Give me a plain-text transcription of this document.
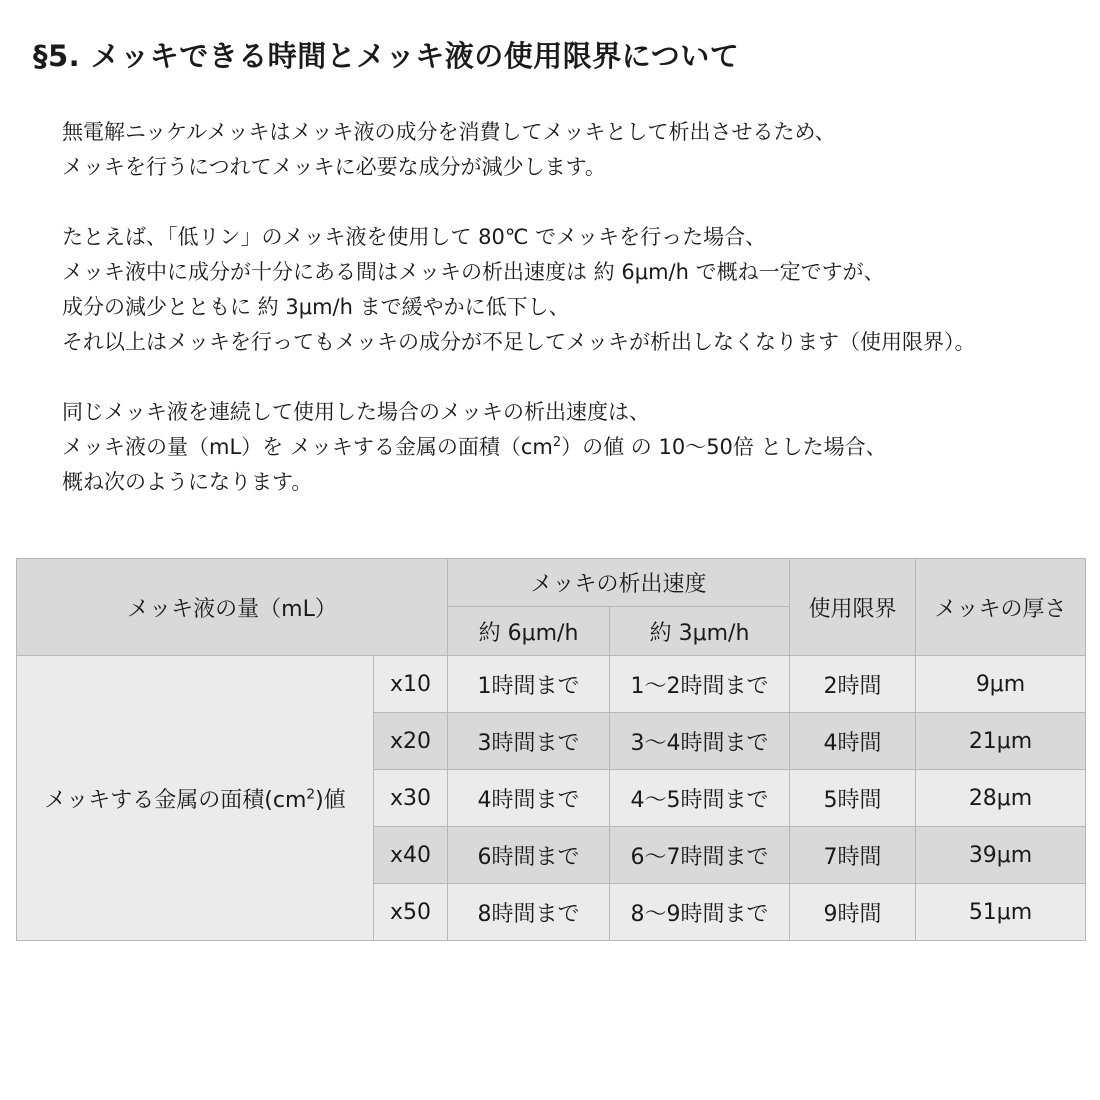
§5. メッキできる時間とメッキ液の使用限界について

無電解ニッケルメッキはメッキ液の成分を消費してメッキとして析出させるため、
メッキを行うにつれてメッキに必要な成分が減少します。

たとえば、「低リン」のメッキ液を使用して 80℃ でメッキを行った場合、
メッキ液中に成分が十分にある間はメッキの析出速度は 約 6μm/h で概ね一定ですが、
成分の減少とともに 約 3μm/h まで緩やかに低下し、
それ以上はメッキを行ってもメッキの成分が不足してメッキが析出しなくなります（使用限界）。

同じメッキ液を連続して使用した場合のメッキの析出速度は、
メッキ液の量（mL）を メッキする金属の面積$(cm^2)$の値 の 10～50倍 とした場合、
概ね次のようになります。

メッキ液の量（mL）		メッキの析出速度		使用限界	メッキの厚さ
		約 6μm/h	約 3μm/h		
メッキする金属の面積$(cm^2)$値	x10	1時間まで	1～2時間まで	2時間	9μm
	x20	3時間まで	3～4時間まで	4時間	21μm
	x30	4時間まで	4～5時間まで	5時間	28μm
	x40	6時間まで	6～7時間まで	7時間	39μm
	x50	8時間まで	8～9時間まで	9時間	51μm
